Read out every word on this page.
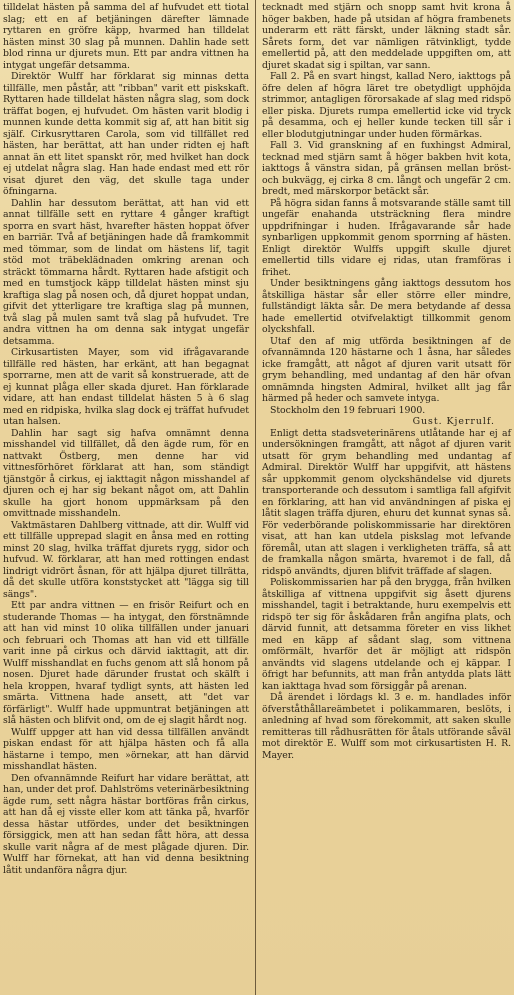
tilldelat hästen på samma del af hufvudet ett tiotal slag; ett en af betjäningen därefter lämnade ryttaren en gröfre käpp, hvarmed han tilldelat hästen minst 30 slag på munnen. Dahlin hade sett blod rinna ur djurets mun. Ett par andra vittnen ha intygat ungefär detsamma.

Direktör Wulff har förklarat sig minnas detta tillfälle, men påstår, att "ribban" varit ett piskskaft. Ryttaren hade tilldelat hästen några slag, som dock träffat bogen, ej hufvudet. Om hästen varit blodig i munnen kunde detta kommit sig af, att han bitit sig själf. Cirkusryttaren Carola, som vid tillfället red hästen, har berättat, att han under ridten ej haft annat än ett litet spanskt rör, med hvilket han dock ej utdelat några slag. Han hade endast med ett rör visat djuret den väg, det skulle taga under öfningarna.

Dahlin har dessutom berättat, att han vid ett annat tillfälle sett en ryttare 4 gånger kraftigt sporra en svart häst, hvarefter hästen hoppat öfver en barriär. Två af betjäningen hade då framkommit med tömmar, som de lindat om hästens lif, tagit stöd mot träbeklädnaden omkring arenan och sträckt tömmarna hårdt. Ryttaren hade afstigit och med en tumstjock käpp tilldelat hästen minst sju kraftiga slag på nosen och, då djuret hoppat undan, gifvit det ytterligare tre kraftiga slag på munnen, två slag på mulen samt två slag på hufvudet. Tre andra vittnen ha om denna sak intygat ungefär detsamma.

Cirkusartisten Mayer, som vid ifrågavarande tillfälle red hästen, har erkänt, att han begagnat sporrarne, men att de varit så konstruerade, att de ej kunnat plåga eller skada djuret. Han förklarade vidare, att han endast tilldelat hästen 5 à 6 slag med en ridpiska, hvilka slag dock ej träffat hufvudet utan halsen.

Dahlin har sagt sig hafva omnämnt denna misshandel vid tillfället, då den ägde rum, för en nattvakt Östberg, men denne har vid vittnesförhöret förklarat att han, som ständigt tjänstgör å cirkus, ej iakttagit någon misshandel af djuren och ej har sig bekant något om, att Dahlin skulle ha gjort honom uppmärksam på den omvittnade misshandeln.

Vaktmästaren Dahlberg vittnade, att dir. Wulff vid ett tillfälle upprepad slagit en ånsa med en rotting minst 20 slag, hvilka träffat djurets rygg, sidor och hufvud. W. förklarar, att han med rottingen endast lindrigt vidrört åsnan, för att hjälpa djuret tillrätta, då det skulle utföra konststycket att "lägga sig till sängs".

Ett par andra vittnen — en frisör Reifurt och en studerande Thomas — ha intygat, den förstnämnde att han vid minst 10 olika tillfällen under januari och februari och Thomas att han vid ett tillfälle varit inne på cirkus och därvid iakttagit, att dir. Wulff misshandlat en fuchs genom att slå honom på nosen. Djuret hade därunder frustat och skälft i hela kroppen, hvaraf tydligt synts, att hästen led smärta. Vittnena hade ansett, att "det var förfärligt". Wulff hade uppmuntrat betjäningen att slå hästen och blifvit ond, om de ej slagit hårdt nog.

Wulff uppger att han vid dessa tillfällen användt piskan endast för att hjälpa hästen och få alla hästarne i tempo, men »örnekar, att han därvid misshandlat hästen.

Den ofvannämnde Reifurt har vidare berättat, att han, under det prof. Dahlströms veterinärbesiktning ägde rum, sett några hästar bortföras från cirkus, att han då ej visste eller kom att tänka på, hvarför dessa hästar utfördes, under det besiktningen försiggick, men att han sedan fått höra, att dessa skulle varit några af de mest plågade djuren. Dir. Wulff har förnekat, att han vid denna besiktning låtit undanföra några djur.

tecknadt med stjärn och snopp samt hvit krona å höger bakben, hade på utsidan af högra frambenets underarm ett rätt färskt, under läkning stadt sår. Sårets form, det var nämligen rätvinkligt, tydde emellertid på, att den meddelade uppgiften om, att djuret skadat sig i spiltan, var sann.

Fall 2. På en svart hingst, kallad Nero, iakttogs på öfre delen af högra läret tre obetydligt upphöjda strimmor, antagligen förorsakade af slag med ridspö eller piska. Djurets rumpa emellertid icke vid tryck på desamma, och ej heller kunde tecken till sår i eller blodutgjutningar under huden förmärkas.

Fall 3. Vid granskning af en fuxhingst Admiral, tecknad med stjärn samt å höger bakben hvit kota, iakttogs å vänstra sidan, på gränsen mellan bröst- och bukvägg, ej cirka 8 cm. långt och ungefär 2 cm. bredt, med märskorpor betäckt sår.

På högra sidan fanns å motsvarande ställe samt till ungefär enahanda utsträckning flera mindre uppdrifningar i huden. Ifrågavarande sår hade synbarligen uppkommit genom sporrning af hästen. Enligt direktör Wulffs uppgift skulle djuret emellertid tills vidare ej ridas, utan framföras i frihet.

Under besiktningens gång iakttogs dessutom hos åtskilliga hästar sår eller större eller mindre, fullständigt läkta sår. De mera betydande af dessa hade emellertid otvifvelaktigt tillkommit genom olyckshfall.

Utaf den af mig utförda besiktningen af de ofvannämnda 120 hästarne och 1 åsna, har således icke framgått, att något af djuren varit utsatt för grym behandling, med undantag af den här ofvan omnämnda hingsten Admiral, hvilket allt jag får härmed på heder och samvete intyga.

Stockholm den 19 februari 1900.

Gust. Kjerrulf.

Enligt detta stadsveterinärens utlåtande har ej af undersökningen framgått, att något af djuren varit utsatt för grym behandling med undantag af Admiral. Direktör Wulff har uppgifvit, att hästens sår uppkommit genom olyckshändelse vid djurets transporterande och dessutom i samtliga fall afgifvit en förklaring, att han vid användningen af piska ej låtit slagen träffa djuren, ehuru det kunnat synas så. För vederbörande poliskommissarie har direktören visat, att han kan utdela piskslag mot lefvande föremål, utan att slagen i verkligheten träffa, så att de framkalla någon smärta, hvaremot i de fall, då ridspö användts, djuren blifvit träffade af slagen.

Poliskommissarien har på den brygga, från hvilken åtskilliga af vittnena uppgifvit sig åsett djurens misshandel, tagit i betraktande, huru exempelvis ett ridspö ter sig för åskådaren från angifna plats, och därvid funnit, att detsamma företer en viss likhet med en käpp af sådant slag, som vittnena omförmält, hvarför det är möjligt att ridspön användts vid slagens utdelande och ej käppar. I öfrigt har befunnits, att man från antydda plats lätt kan iakttaga hvad som försiggår på arenan.

Då ärendet i lördags kl. 3 e. m. handlades inför öfverståthållareämbetet i polikammaren, beslöts, i anledning af hvad som förekommit, att saken skulle remitteras till rådhusrätten för åtals utförande såväl mot direktör E. Wulff som mot cirkusartisten H. R. Mayer.
